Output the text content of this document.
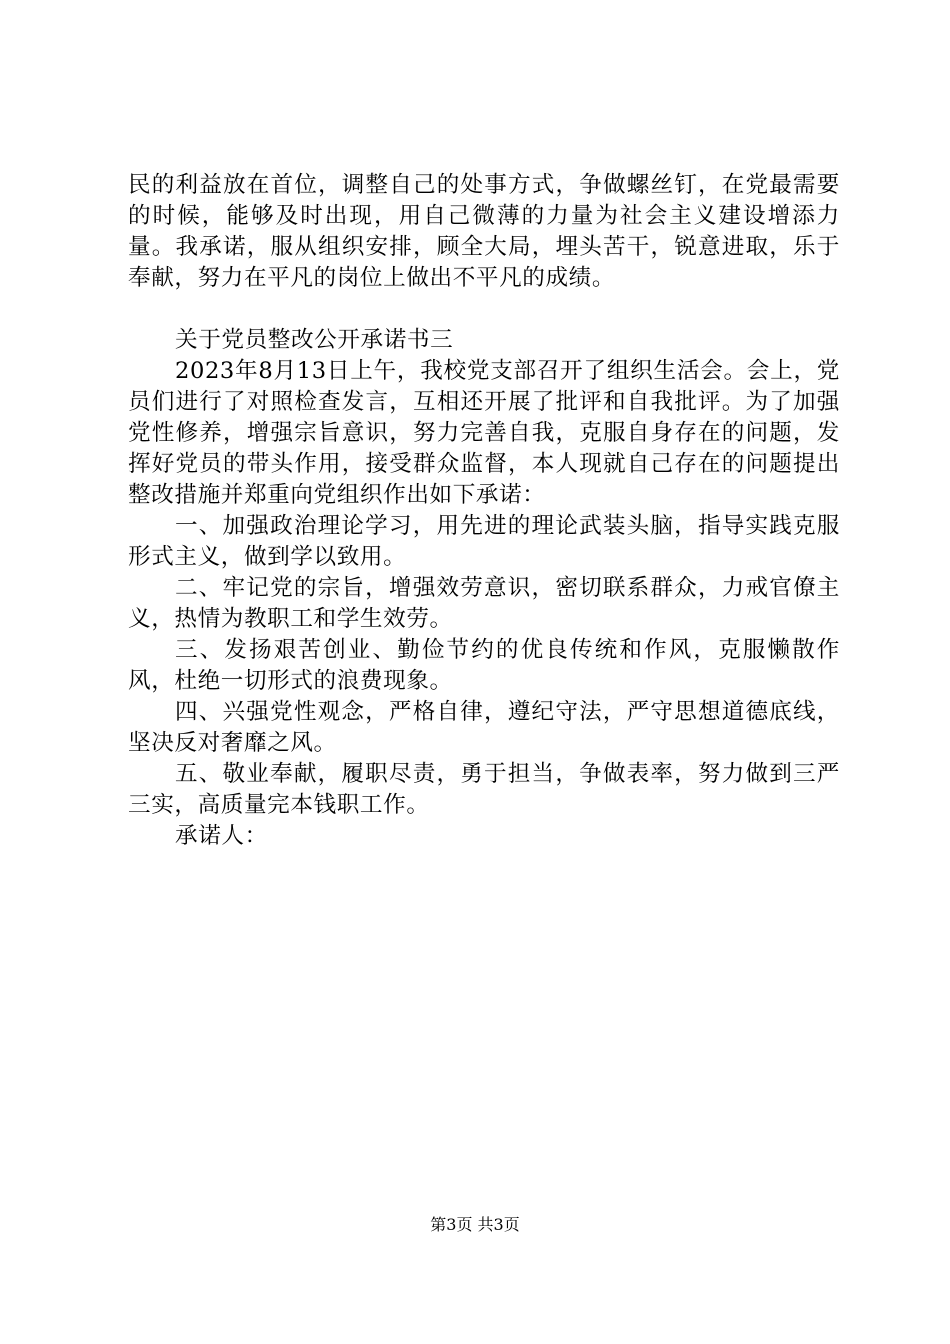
民的利益放在首位，调整自己的处事方式，争做螺丝钉，在党最需要的时候，能够及时出现，用自己微薄的力量为社会主义建设增添力量。我承诺，服从组织安排，顾全大局，埋头苦干，锐意进取，乐于奉献，努力在平凡的岗位上做出不平凡的成绩。

关于党员整改公开承诺书三

2023年8月13日上午，我校党支部召开了组织生活会。会上，党员们进行了对照检查发言，互相还开展了批评和自我批评。为了加强党性修养，增强宗旨意识，努力完善自我，克服自身存在的问题，发挥好党员的带头作用，接受群众监督，本人现就自己存在的问题提出整改措施并郑重向党组织作出如下承诺：

一、加强政治理论学习，用先进的理论武装头脑，指导实践克服形式主义，做到学以致用。

二、牢记党的宗旨，增强效劳意识，密切联系群众，力戒官僚主义，热情为教职工和学生效劳。

三、发扬艰苦创业、勤俭节约的优良传统和作风，克服懒散作风，杜绝一切形式的浪费现象。

四、兴强党性观念，严格自律，遵纪守法，严守思想道德底线，坚决反对奢靡之风。

五、敬业奉献，履职尽责，勇于担当，争做表率，努力做到三严三实，高质量完本钱职工作。

承诺人：

第3页 共3页
